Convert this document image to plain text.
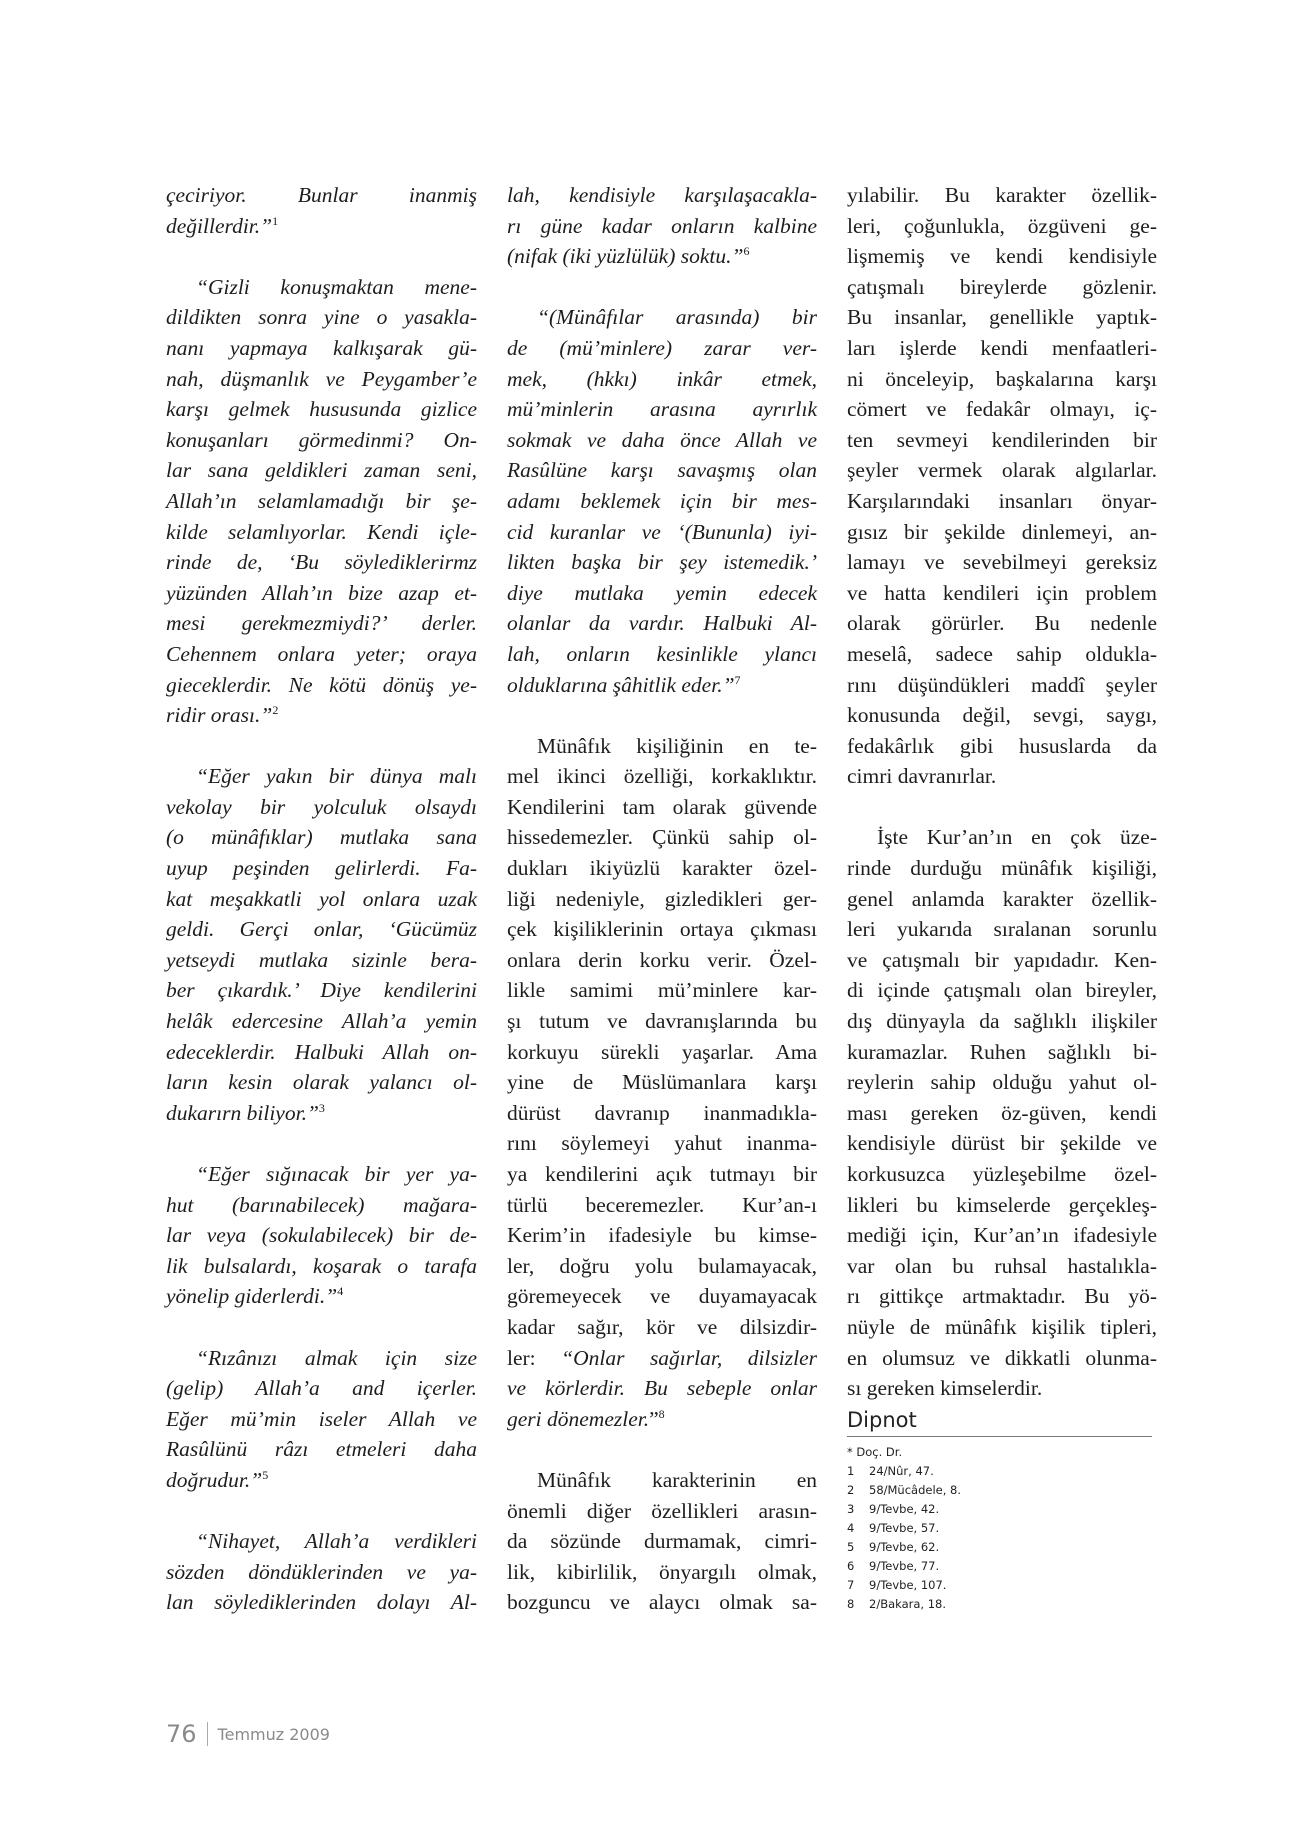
çeciriyor. Bunlar inanmiş
değillerdir.”$^1$
“Gizli konuşmaktan mene-
dildikten sonra yine o yasakla-
nanı yapmaya kalkışarak gü-
nah, düşmanlık ve Peygamber’e
karşı gelmek hususunda gizlice
konuşanları görmedinmi? On-
lar sana geldikleri zaman seni,
Allah’ın selamlamadığı bir şe-
kilde selamlıyorlar. Kendi içle-
rinde de, ‘Bu söylediklerirmz
yüzünden Allah’ın bize azap et-
mesi gerekmezmiydi?’ derler.
Cehennem onlara yeter; oraya
gieceklerdir. Ne kötü dönüş ye-
ridir orası.”$^2$
“Eğer yakın bir dünya malı
vekolay bir yolculuk olsaydı
(o münâfıklar) mutlaka sana
uyup peşinden gelirlerdi. Fa-
kat meşakkatli yol onlara uzak
geldi. Gerçi onlar, ‘Gücümüz
yetseydi mutlaka sizinle bera-
ber çıkardık.’ Diye kendilerini
helâk edercesine Allah’a yemin
edeceklerdir. Halbuki Allah on-
ların kesin olarak yalancı ol-
dukarırn biliyor.”$^3$
“Eğer sığınacak bir yer ya-
hut (barınabilecek) mağara-
lar veya (sokulabilecek) bir de-
lik bulsalardı, koşarak o tarafa
yönelip giderlerdi.”$^4$
“Rızânızı almak için size
(gelip) Allah’a and içerler.
Eğer mü’min iseler Allah ve
Rasûlünü râzı etmeleri daha
doğrudur.”$^5$
“Nihayet, Allah’a verdikleri
sözden döndüklerinden ve ya-
lan söylediklerinden dolayı Al-
lah, kendisiyle karşılaşacakla-
rı güne kadar onların kalbine
(nifak (iki yüzlülük) soktu.”$^6$
“(Münâfılar arasında) bir
de (mü’minlere) zarar ver-
mek, (hkkı) inkâr etmek,
mü’minlerin arasına ayrırlık
sokmak ve daha önce Allah ve
Rasûlüne karşı savaşmış olan
adamı beklemek için bir mes-
cid kuranlar ve ‘(Bununla) iyi-
likten başka bir şey istemedik.’
diye mutlaka yemin edecek
olanlar da vardır. Halbuki Al-
lah, onların kesinlikle ylancı
olduklarına şâhitlik eder.”$^7$
Münâfık kişiliğinin en te-
mel ikinci özelliği, korkaklıktır.
Kendilerini tam olarak güvende
hissedemezler. Çünkü sahip ol-
dukları ikiyüzlü karakter özel-
liği nedeniyle, gizledikleri ger-
çek kişiliklerinin ortaya çıkması
onlara derin korku verir. Özel-
likle samimi mü’minlere kar-
şı tutum ve davranışlarında bu
korkuyu sürekli yaşarlar. Ama
yine de Müslümanlara karşı
dürüst davranıp inanmadıkla-
rını söylemeyi yahut inanma-
ya kendilerini açık tutmayı bir
türlü beceremezler. Kur’an-ı
Kerim’in ifadesiyle bu kimse-
ler, doğru yolu bulamayacak,
göremeyecek ve duyamayacak
kadar sağır, kör ve dilsizdir-
ler: “Onlar sağırlar, dilsizler
ve körlerdir. Bu sebeple onlar
geri dönemezler.”$^8$
Münâfık karakterinin en
önemli diğer özellikleri arasın-
da sözünde durmamak, cimri-
lik, kibirlilik, önyargılı olmak,
bozguncu ve alaycı olmak sa-
yılabilir. Bu karakter özellik-
leri, çoğunlukla, özgüveni ge-
lişmemiş ve kendi kendisiyle
çatışmalı bireylerde gözlenir.
Bu insanlar, genellikle yaptık-
ları işlerde kendi menfaatleri-
ni önceleyip, başkalarına karşı
cömert ve fedakâr olmayı, iç-
ten sevmeyi kendilerinden bir
şeyler vermek olarak algılarlar.
Karşılarındaki insanları önyar-
gısız bir şekilde dinlemeyi, an-
lamayı ve sevebilmeyi gereksiz
ve hatta kendileri için problem
olarak görürler. Bu nedenle
meselâ, sadece sahip oldukla-
rını düşündükleri maddî şeyler
konusunda değil, sevgi, saygı,
fedakârlık gibi hususlarda da
cimri davranırlar.
İşte Kur’an’ın en çok üze-
rinde durduğu münâfık kişiliği,
genel anlamda karakter özellik-
leri yukarıda sıralanan sorunlu
ve çatışmalı bir yapıdadır. Ken-
di içinde çatışmalı olan bireyler,
dış dünyayla da sağlıklı ilişkiler
kuramazlar. Ruhen sağlıklı bi-
reylerin sahip olduğu yahut ol-
ması gereken öz-güven, kendi
kendisiyle dürüst bir şekilde ve
korkusuzca yüzleşebilme özel-
likleri bu kimselerde gerçekleş-
mediği için, Kur’an’ın ifadesiyle
var olan bu ruhsal hastalıkla-
rı gittikçe artmaktadır. Bu yö-
nüyle de münâfık kişilik tipleri,
en olumsuz ve dikkatli olunma-
sı gereken kimselerdir.
Dipnot
* Doç. Dr.
1 24/Nûr, 47.
2 58/Mücâdele, 8.
3 9/Tevbe, 42.
4 9/Tevbe, 57.
5 9/Tevbe, 62.
6 9/Tevbe, 77.
7 9/Tevbe, 107.
8 2/Bakara, 18.
76 Temmuz 2009
